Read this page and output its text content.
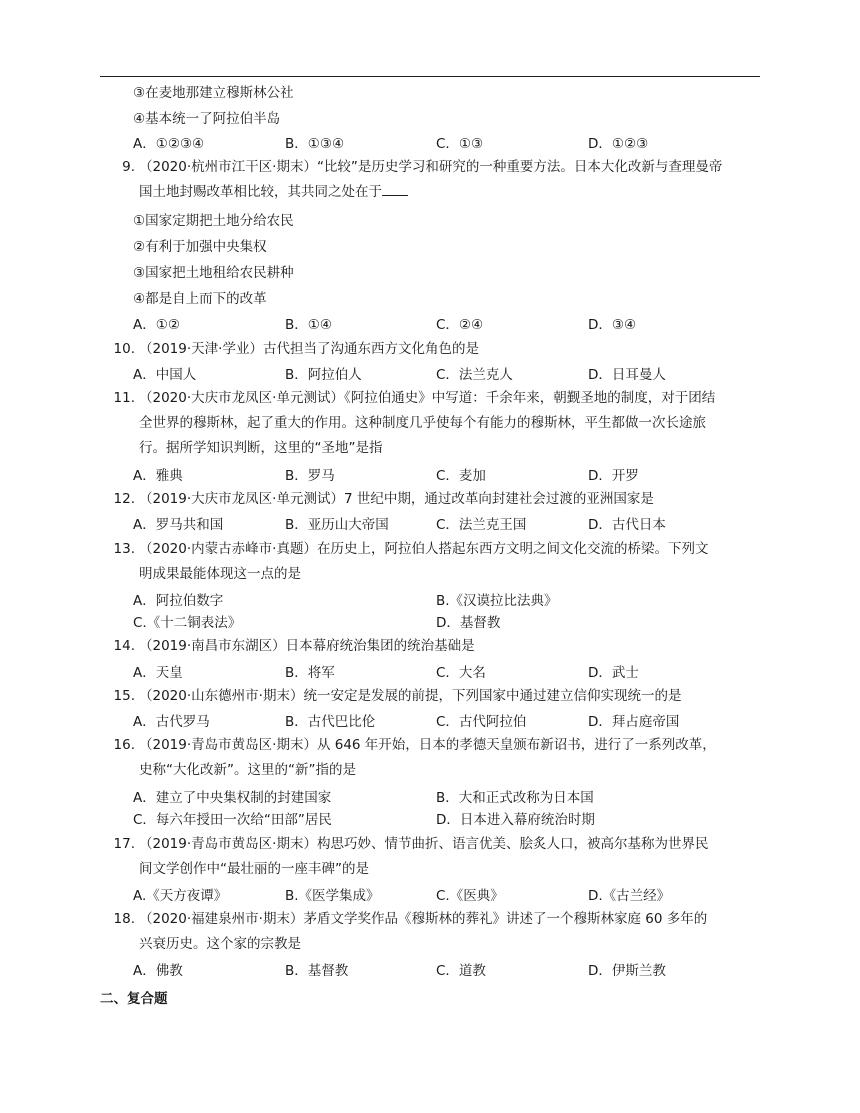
③在麦地那建立穆斯林公社
④基本统一了阿拉伯半岛
A．①②③④	B．①③④	C．①③	D．①②③
9. （2020·杭州市江干区·期末）“比较”是历史学习和研究的一种重要方法。日本大化改新与查理曼帝
国土地封赐改革相比较，其共同之处在于
①国家定期把土地分给农民
②有利于加强中央集权
③国家把土地租给农民耕种
④都是自上而下的改革
A．①②	B．①④	C．②④	D．③④
10. （2019·天津·学业）古代担当了沟通东西方文化角色的是
A．中国人	B．阿拉伯人	C．法兰克人	D．日耳曼人
11. （2020·大庆市龙凤区·单元测试）《阿拉伯通史》中写道：千余年来，朝觐圣地的制度，对于团结
全世界的穆斯林，起了重大的作用。这种制度几乎使每个有能力的穆斯林，平生都做一次长途旅
行。据所学知识判断，这里的“圣地”是指
A．雅典	B．罗马	C．麦加	D．开罗
12. （2019·大庆市龙凤区·单元测试）7 世纪中期，通过改革向封建社会过渡的亚洲国家是
A．罗马共和国	B．亚历山大帝国	C．法兰克王国	D．古代日本
13. （2020·内蒙古赤峰市·真题）在历史上，阿拉伯人搭起东西方文明之间文化交流的桥梁。下列文
明成果最能体现这一点的是
A．阿拉伯数字	B.《汉谟拉比法典》
C.《十二铜表法》	D．基督教
14. （2019·南昌市东湖区）日本幕府统治集团的统治基础是
A．天皇	B．将军	C．大名	D．武士
15. （2020·山东德州市·期末）统一安定是发展的前提，下列国家中通过建立信仰实现统一的是
A．古代罗马	B．古代巴比伦	C．古代阿拉伯	D．拜占庭帝国
16. （2019·青岛市黄岛区·期末）从 646 年开始，日本的孝德天皇颁布新诏书，进行了一系列改革，
史称“大化改新”。这里的“新”指的是
A．建立了中央集权制的封建国家	B．大和正式改称为日本国
C．每六年授田一次给“田部”居民	D．日本进入幕府统治时期
17. （2019·青岛市黄岛区·期末）构思巧妙、情节曲折、语言优美、脍炙人口，被高尔基称为世界民
间文学创作中“最壮丽的一座丰碑”的是
A.《天方夜谭》	B.《医学集成》	C.《医典》	D.《古兰经》
18. （2020·福建泉州市·期末）茅盾文学奖作品《穆斯林的葬礼》讲述了一个穆斯林家庭 60 多年的
兴衰历史。这个家的宗教是
A．佛教	B．基督教	C．道教	D．伊斯兰教
二、复合题
